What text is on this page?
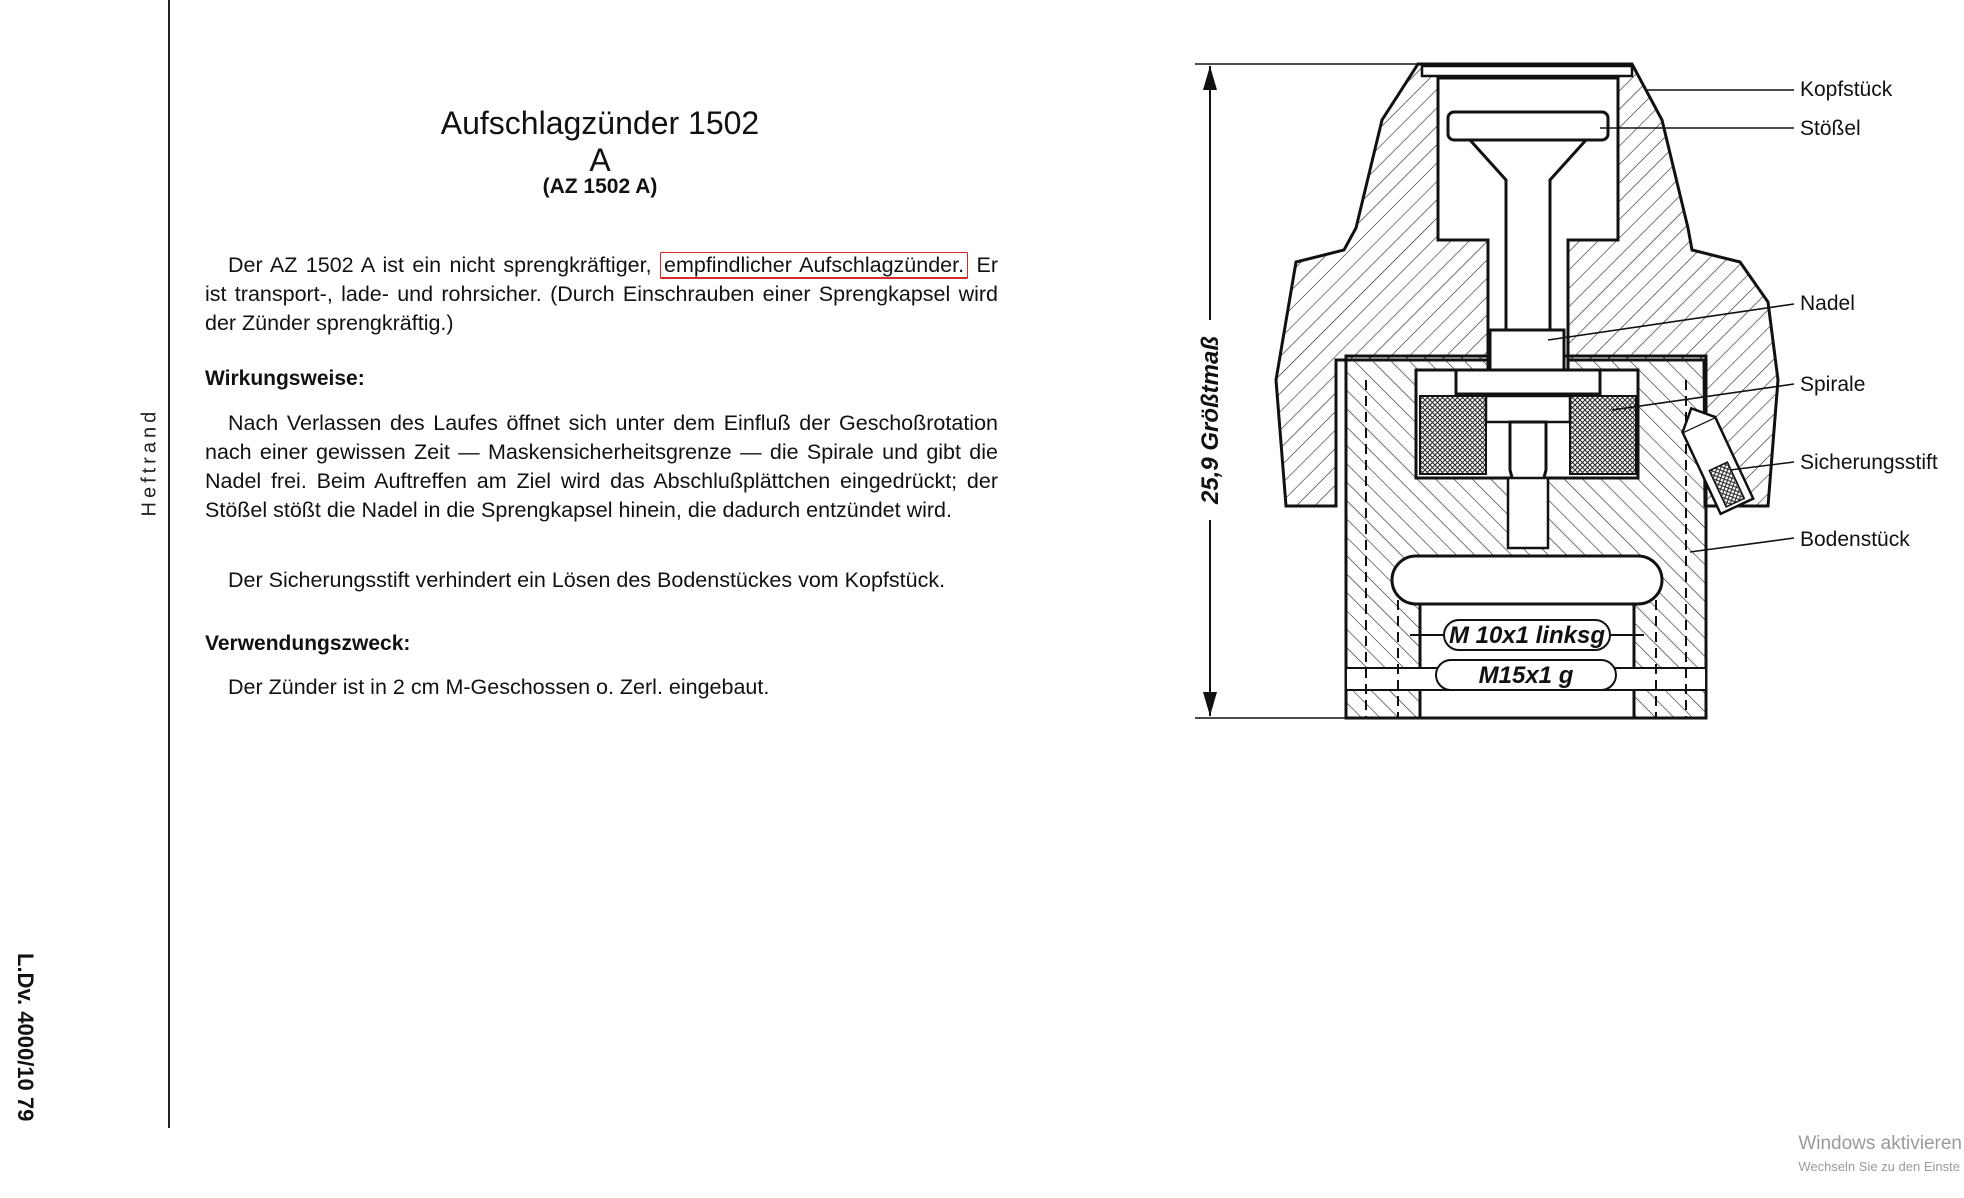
Heftrand
L.Dv. 4000/10 79
Aufschlagzünder 1502 A
(AZ 1502 A)
Der AZ 1502 A ist ein nicht sprengkräftiger, empfindlicher Aufschlagzünder. Er ist transport-, lade- und rohrsicher. (Durch Einschrauben einer Sprengkapsel wird der Zünder sprengkräftig.)
Wirkungsweise:
Nach Verlassen des Laufes öffnet sich unter dem Einfluß der Geschoßrotation nach einer gewissen Zeit — Maskensicherheitsgrenze — die Spirale und gibt die Nadel frei. Beim Auftreffen am Ziel wird das Abschlußplättchen eingedrückt; der Stößel stößt die Nadel in die Sprengkapsel hinein, die dadurch entzündet wird.
Der Sicherungsstift verhindert ein Lösen des Bodenstückes vom Kopfstück.
Verwendungszweck:
Der Zünder ist in 2 cm M-Geschossen o. Zerl. eingebaut.
M 10x1 linksg
M15x1 g
25,9 Größtmaß
Kopfstück
Stößel
Nadel
Spirale
Sicherungsstift
Bodenstück
Windows aktivieren
Wechseln Sie zu den Einste
